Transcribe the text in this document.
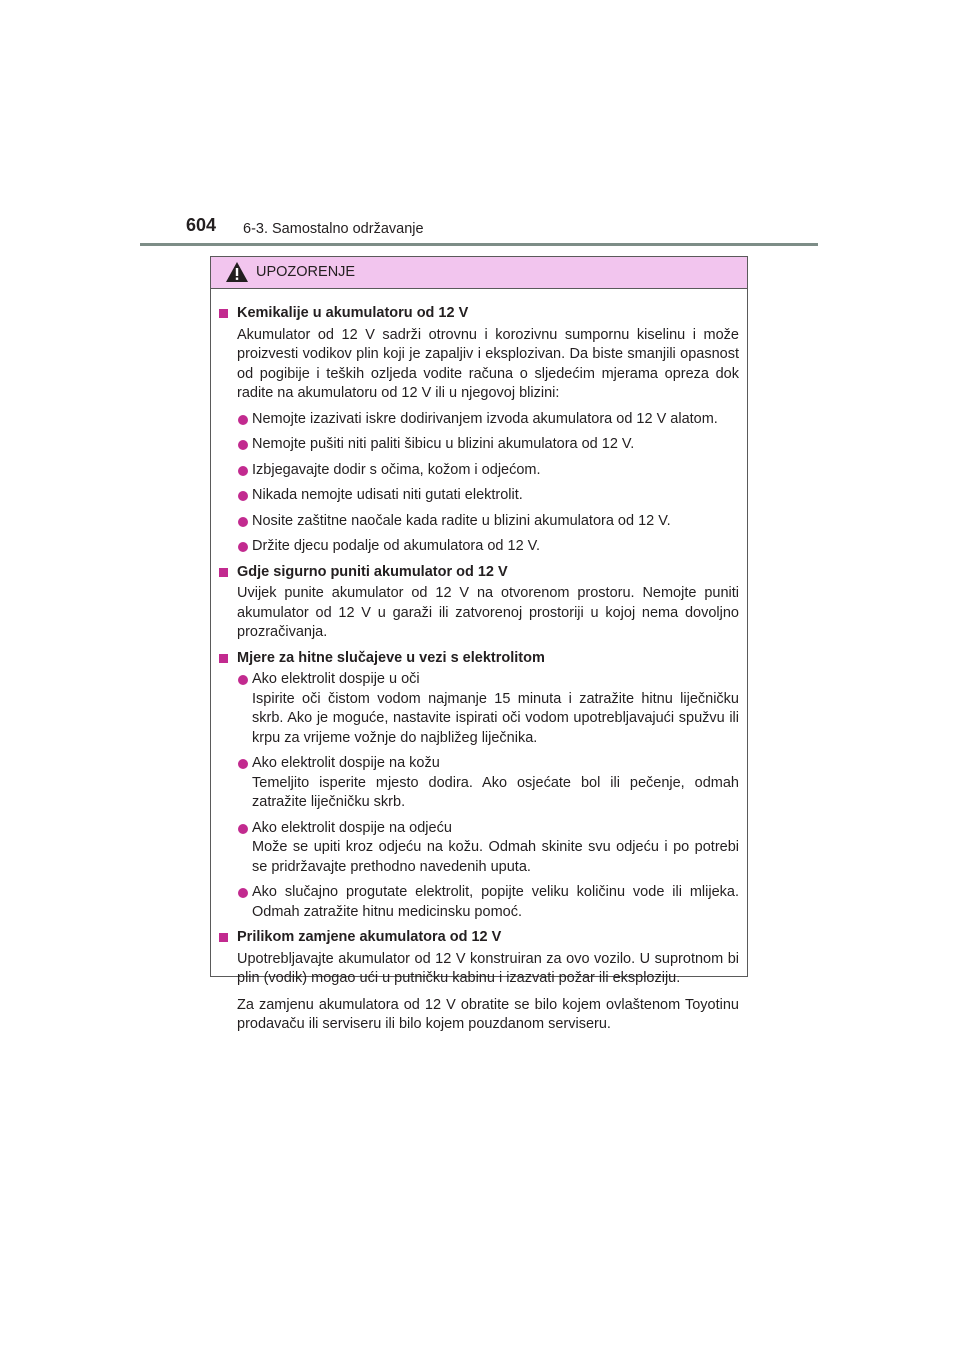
604 6-3. Samostalno održavanje
UPOZORENJE
Kemikalije u akumulatoru od 12 V
Akumulator od 12 V sadrži otrovnu i korozivnu sumpornu kiselinu i može proizvesti vodikov plin koji je zapaljiv i eksplozivan. Da biste smanjili opasnost od pogibije i teških ozljeda vodite računa o sljedećim mjerama opreza dok radite na akumulatoru od 12 V ili u njegovoj blizini:
Nemojte izazivati iskre dodirivanjem izvoda akumulatora od 12 V alatom.
Nemojte pušiti niti paliti šibicu u blizini akumulatora od 12 V.
Izbjegavajte dodir s očima, kožom i odjećom.
Nikada nemojte udisati niti gutati elektrolit.
Nosite zaštitne naočale kada radite u blizini akumulatora od 12 V.
Držite djecu podalje od akumulatora od 12 V.
Gdje sigurno puniti akumulator od 12 V
Uvijek punite akumulator od 12 V na otvorenom prostoru. Nemojte puniti akumulator od 12 V u garaži ili zatvorenoj prostoriji u kojoj nema dovoljno prozračivanja.
Mjere za hitne slučajeve u vezi s elektrolitom
Ako elektrolit dospije u oči
Ispirite oči čistom vodom najmanje 15 minuta i zatražite hitnu liječničku skrb. Ako je moguće, nastavite ispirati oči vodom upotrebljavajući spužvu ili krpu za vrijeme vožnje do najbližeg liječnika.
Ako elektrolit dospije na kožu
Temeljito isperite mjesto dodira. Ako osjećate bol ili pečenje, odmah zatražite liječničku skrb.
Ako elektrolit dospije na odjeću
Može se upiti kroz odjeću na kožu. Odmah skinite svu odjeću i po potrebi se pridržavajte prethodno navedenih uputa.
Ako slučajno progutate elektrolit, popijte veliku količinu vode ili mlijeka. Odmah zatražite hitnu medicinsku pomoć.
Prilikom zamjene akumulatora od 12 V
Upotrebljavajte akumulator od 12 V konstruiran za ovo vozilo. U suprotnom bi plin (vodik) mogao ući u putničku kabinu i izazvati požar ili eksploziju.
Za zamjenu akumulatora od 12 V obratite se bilo kojem ovlaštenom Toyotinu prodavaču ili serviseru ili bilo kojem pouzdanom serviseru.
